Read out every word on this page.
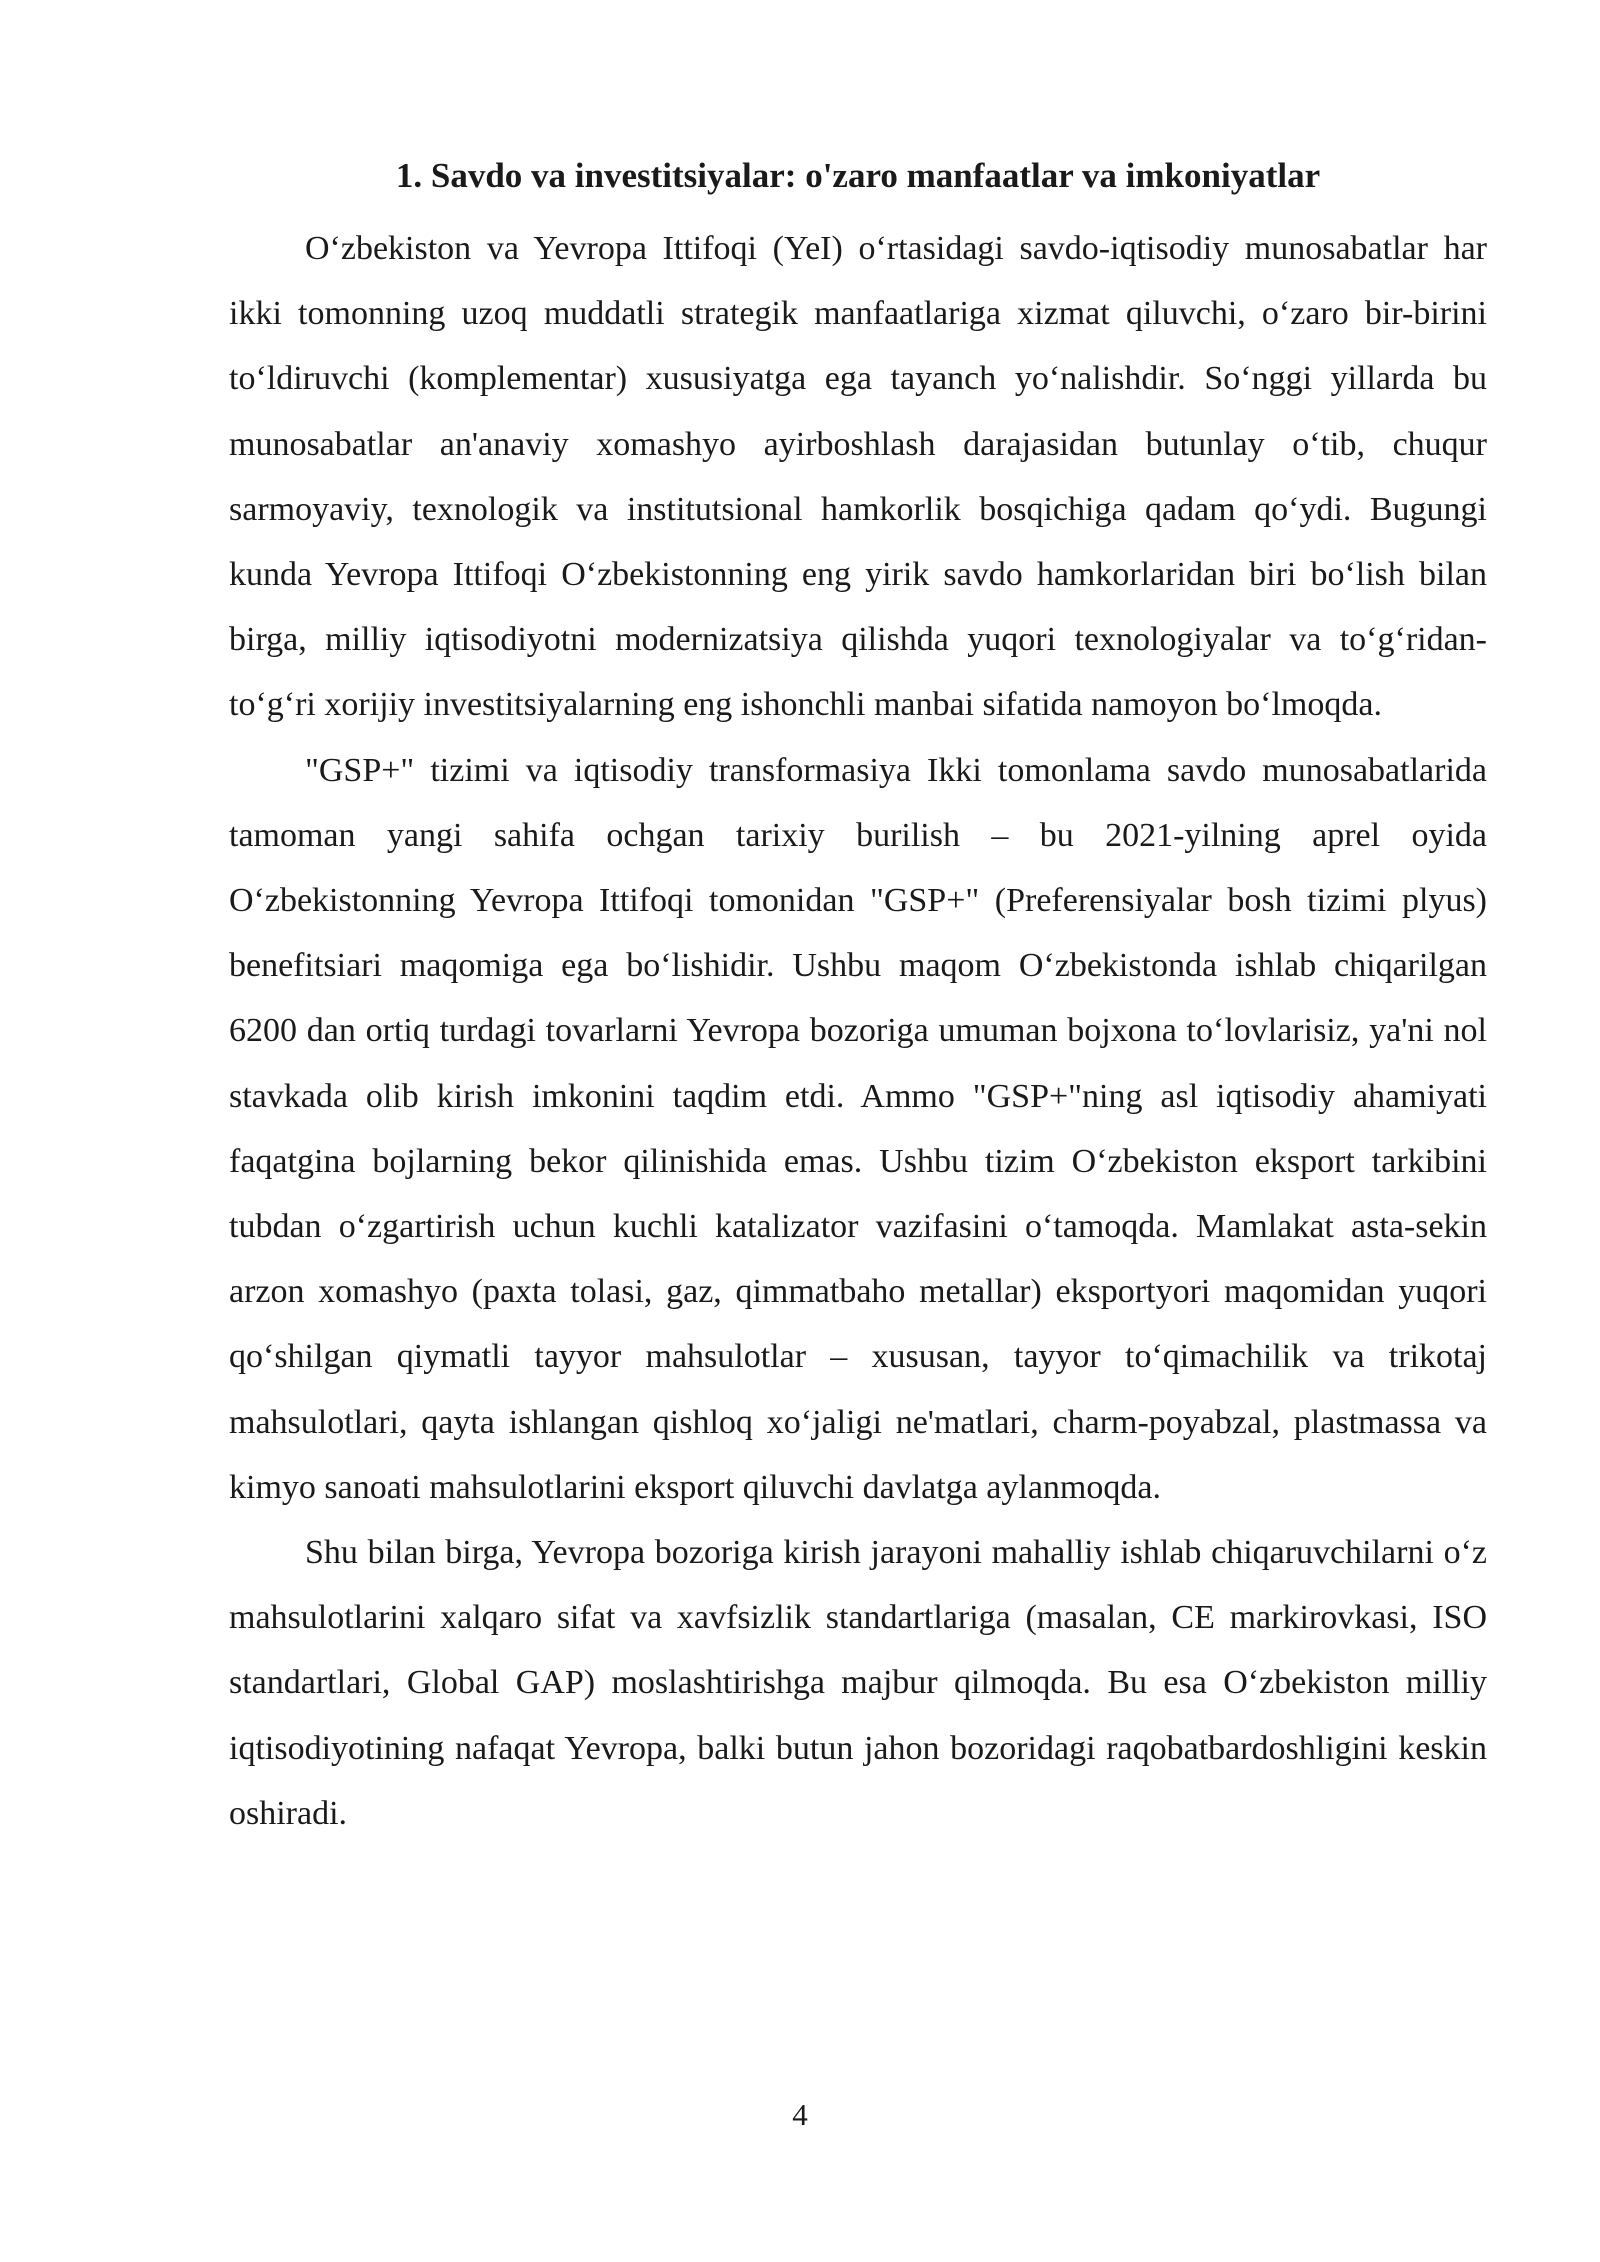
1. Savdo va investitsiyalar: o'zaro manfaatlar va imkoniyatlar

O‘zbekiston va Yevropa Ittifoqi (YeI) o‘rtasidagi savdo-iqtisodiy munosabatlar har ikki tomonning uzoq muddatli strategik manfaatlariga xizmat qiluvchi, o‘zaro bir-birini to‘ldiruvchi (komplementar) xususiyatga ega tayanch yo‘nalishdir. So‘nggi yillarda bu munosabatlar an'anaviy xomashyo ayirboshlash darajasidan butunlay o‘tib, chuqur sarmoyaviy, texnologik va institutsional hamkorlik bosqichiga qadam qo‘ydi. Bugungi kunda Yevropa Ittifoqi O‘zbekistonning eng yirik savdo hamkorlaridan biri bo‘lish bilan birga, milliy iqtisodiyotni modernizatsiya qilishda yuqori texnologiyalar va to‘g‘ridan-to‘g‘ri xorijiy investitsiyalarning eng ishonchli manbai sifatida namoyon bo‘lmoqda.

"GSP+" tizimi va iqtisodiy transformasiya Ikki tomonlama savdo munosabatlarida tamoman yangi sahifa ochgan tarixiy burilish – bu 2021-yilning aprel oyida O‘zbekistonning Yevropa Ittifoqi tomonidan "GSP+" (Preferensiyalar bosh tizimi plyus) benefitsiari maqomiga ega bo‘lishidir. Ushbu maqom O‘zbekistonda ishlab chiqarilgan 6200 dan ortiq turdagi tovarlarni Yevropa bozoriga umuman bojxona to‘lovlarisiz, ya'ni nol stavkada olib kirish imkonini taqdim etdi. Ammo "GSP+"ning asl iqtisodiy ahamiyati faqatgina bojlarning bekor qilinishida emas. Ushbu tizim O‘zbekiston eksport tarkibini tubdan o‘zgartirish uchun kuchli katalizator vazifasini o‘tamoqda. Mamlakat asta-sekin arzon xomashyo (paxta tolasi, gaz, qimmatbaho metallar) eksportyori maqomidan yuqori qo‘shilgan qiymatli tayyor mahsulotlar – xususan, tayyor to‘qimachilik va trikotaj mahsulotlari, qayta ishlangan qishloq xo‘jaligi ne'matlari, charm-poyabzal, plastmassa va kimyo sanoati mahsulotlarini eksport qiluvchi davlatga aylanmoqda.

Shu bilan birga, Yevropa bozoriga kirish jarayoni mahalliy ishlab chiqaruvchilarni o‘z mahsulotlarini xalqaro sifat va xavfsizlik standartlariga (masalan, CE markirovkasi, ISO standartlari, Global GAP) moslashtirishga majbur qilmoqda. Bu esa O‘zbekiston milliy iqtisodiyotining nafaqat Yevropa, balki butun jahon bozoridagi raqobatbardoshligini keskin oshiradi.

4
